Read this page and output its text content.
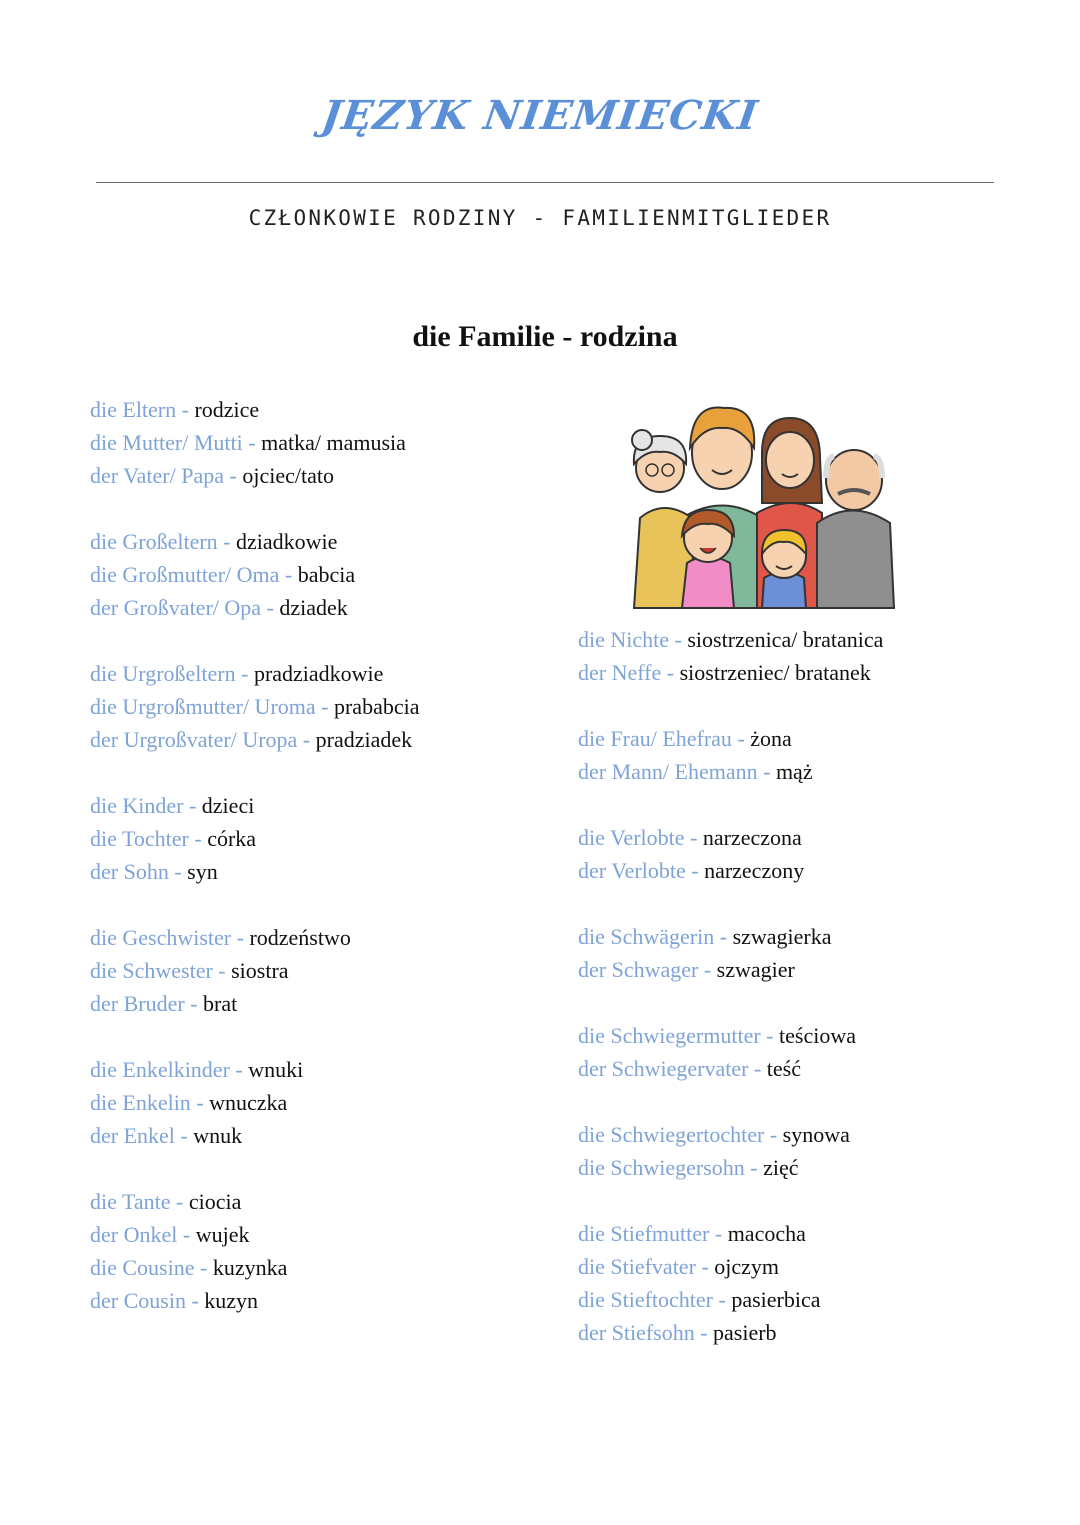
JĘZYK NIEMIECKI
CZŁONKOWIE RODZINY - FAMILIENMITGLIEDER
die Familie - rodzina
die Eltern - rodzice
die Mutter/ Mutti - matka/ mamusia
der Vater/ Papa - ojciec/tato
die Großeltern - dziadkowie
die Großmutter/ Oma - babcia
der Großvater/ Opa - dziadek
die Urgroßeltern - pradziadkowie
die Urgroßmutter/ Uroma - prababcia
der Urgroßvater/ Uropa - pradziadek
die Kinder - dzieci
die Tochter - córka
der Sohn - syn
die Geschwister - rodzeństwo
die Schwester - siostra
der Bruder - brat
die Enkelkinder - wnuki
die Enkelin - wnuczka
der Enkel - wnuk
die Tante - ciocia
der Onkel - wujek
die Cousine - kuzynka
der Cousin - kuzyn
die Nichte - siostrzenica/ bratanica
der Neffe - siostrzeniec/ bratanek
die Frau/ Ehefrau - żona
der Mann/ Ehemann - mąż
die Verlobte - narzeczona
der Verlobte - narzeczony
die Schwägerin - szwagierka
der Schwager - szwagier
die Schwiegermutter - teściowa
der Schwiegervater - teść
die Schwiegertochter - synowa
die Schwiegersohn - zięć
die Stiefmutter - macocha
die Stiefvater - ojczym
die Stieftochter - pasierbica
der Stiefsohn - pasierb
